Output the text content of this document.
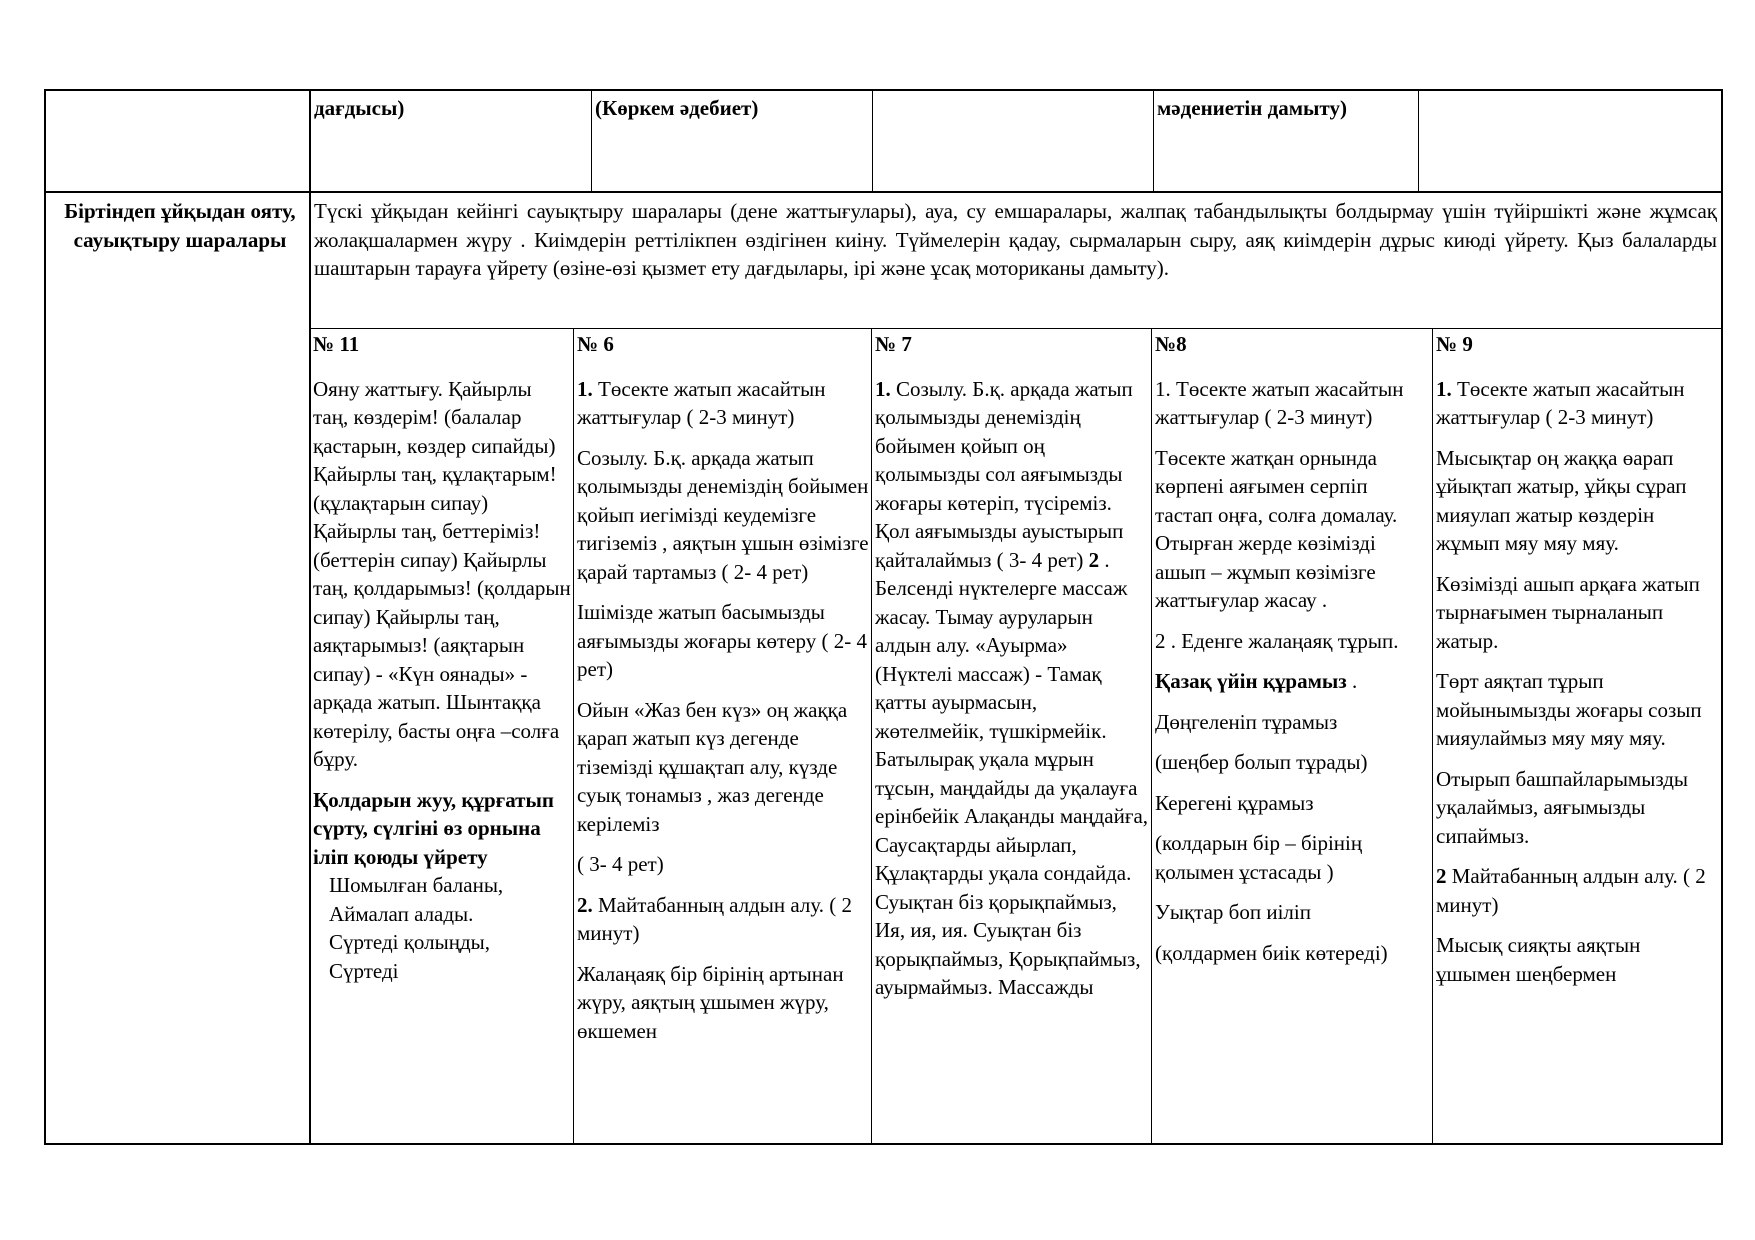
дағдысы)	(Көркем әдебиет)	мәдениетін дамыту)
Біртіндеп ұйқыдан ояту, сауықтыру шаралары
Түскі ұйқыдан кейінгі сауықтыру шаралары (дене жаттығулары), ауа, су емшаралары, жалпақ табандылықты болдырмау үшін түйіршікті және жұмсақ жолақшалармен жүру . Киімдерін реттілікпен өздігінен киіну. Түймелерін қадау, сырмаларын сыру, аяқ киімдерін дұрыс киюді үйрету. Қыз балаларды шаштарын тарауға үйрету (өзіне-өзі қызмет ету дағдылары, ірі және ұсақ моториканы дамыту).

№ 11

Ояну жаттығу. Қайырлы таң, көздерім! (балалар қастарын, көздер сипайды) Қайырлы таң, құлақтарым! (құлақтарын сипау) Қайырлы таң, беттеріміз! (беттерін сипау) Қайырлы таң, қолдарымыз! (қолдарын сипау) Қайырлы таң, аяқтарымыз! (аяқтарын сипау) - «Күн оянады» - арқада жатып. Шынтаққа көтерілу, басты оңға –солға бұру.

Қолдарын жуу, құрғатып сүрту, сүлгіні өз орнына іліп қоюды үйрету

Шомылған баланы,

Аймалап алады.

Сүртеді қолыңды,

Сүртеді

№ 6

1. Төсекте жатып жасайтын жаттығулар ( 2-3 минут)

Созылу. Б.қ. арқада жатып қолымызды денеміздің бойымен қойып иегімізді кеудемізге тигіземіз , аяқтын ұшын өзімізге қарай тартамыз ( 2- 4 рет)

Ішімізде жатып басымызды аяғымызды жоғары көтеру ( 2- 4 рет)

Ойын «Жаз бен күз» оң жаққа қарап жатып күз дегенде тіземізді құшақтап алу, күзде суық тонамыз , жаз дегенде керілеміз

( 3- 4 рет)

2. Майтабанның алдын алу. ( 2 минут)

Жалаңаяқ бір бірінің артынан жүру, аяқтың ұшымен жүру, өкшемен

№ 7

1. Созылу. Б.қ. арқада жатып қолымызды денеміздің бойымен қойып оң қолымызды сол аяғымызды жоғары көтеріп, түсіреміз. Қол аяғымызды ауыстырып қайталаймыз ( 3- 4 рет) 2 . Белсенді нүктелерге массаж жасау. Тымау ауруларын алдын алу. «Ауырма» (Нүктелі массаж) - Тамақ қатты ауырмасын, жөтелмейік, түшкірмейік. Батылырақ уқала мұрын тұсын, маңдайды да уқалауға ерінбейік Алақанды маңдайға, Саусақтарды айырлап, Құлақтарды уқала сондайда. Суықтан біз қорықпаймыз, Ия, ия, ия. Суықтан біз қорықпаймыз, Қорықпаймыз, ауырмаймыз. Массажды

№8

1. Төсекте жатып жасайтын жаттығулар ( 2-3 минут)

Төсекте жатқан орнында көрпені аяғымен серпіп тастап оңға, солға домалау. Отырған жерде көзімізді ашып – жұмып көзімізге жаттығулар жасау .

2 . Еденге жалаңаяқ тұрып.

Қазақ үйін құрамыз .

Дөңгеленіп тұрамыз

(шеңбер болып тұрады)

Керегені құрамыз

(колдарын бір – бірінің қолымен ұстасады )

Уықтар боп иіліп

(қолдармен биік көтереді)

№ 9

1. Төсекте жатып жасайтын жаттығулар ( 2-3 минут)

Мысықтар оң жаққа өарап ұйықтап жатыр, ұйқы сұрап мияулап жатыр көздерін жұмып мяу мяу мяу.

Көзімізді ашып арқаға жатып тырнағымен тырналанып жатыр.

Төрт аяқтап тұрып мойынымызды жоғары созып мияулаймыз мяу мяу мяу.

Отырып башпайларымызды уқалаймыз, аяғымызды сипаймыз.

2 Майтабанның алдын алу. ( 2 минут)

Мысық сияқты аяқтын ұшымен шеңбермен
